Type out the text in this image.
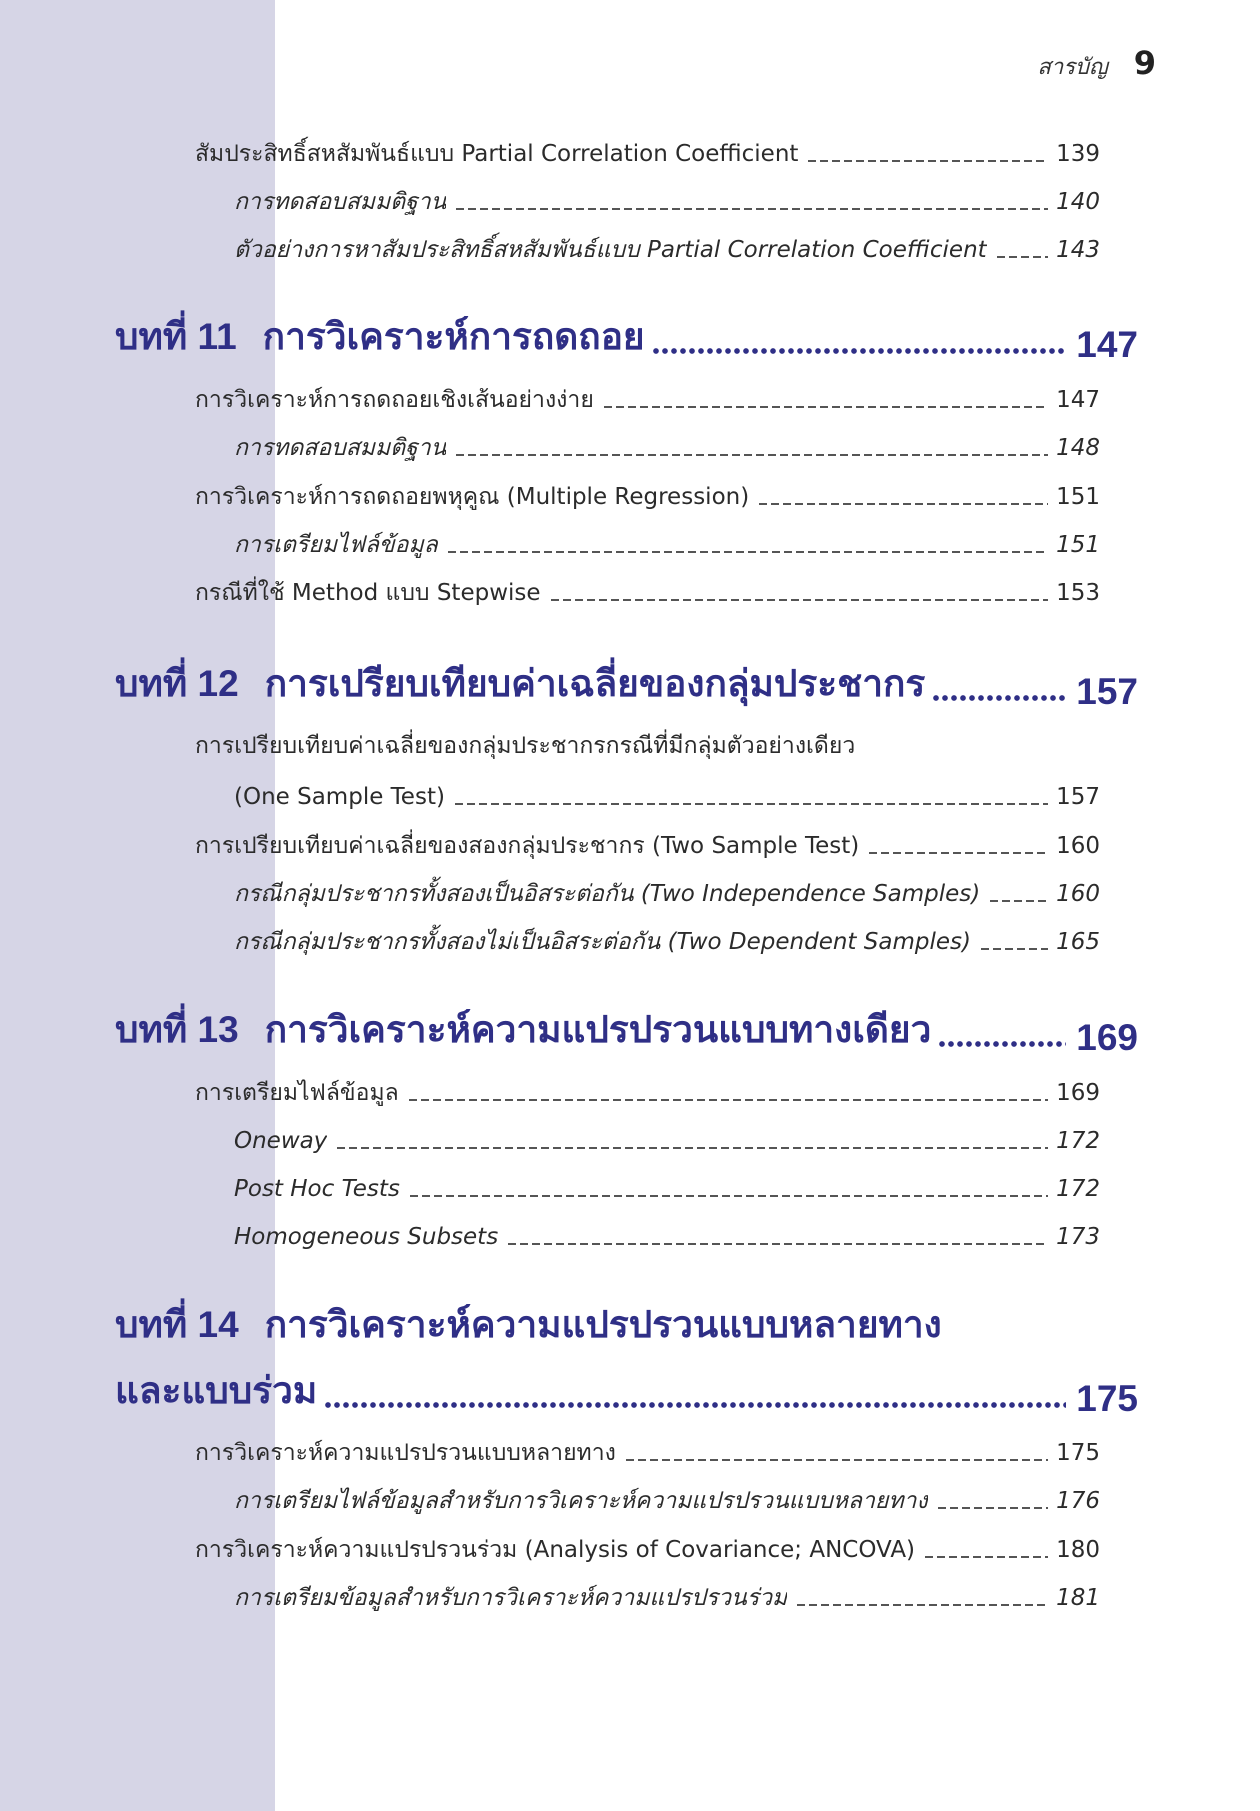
สารบัญ 9
สัมประสิทธิ์สหสัมพันธ์แบบ Partial Correlation Coefficient	139
การทดสอบสมมติฐาน	140
ตัวอย่างการหาสัมประสิทธิ์สหสัมพันธ์แบบ Partial Correlation Coefficient	143
บทที่ 11 การวิเคราะห์การถดถอย	147
การวิเคราะห์การถดถอยเชิงเส้นอย่างง่าย	147
การทดสอบสมมติฐาน	148
การวิเคราะห์การถดถอยพหุคูณ (Multiple Regression)	151
การเตรียมไฟล์ข้อมูล	151
กรณีที่ใช้ Method แบบ Stepwise	153
บทที่ 12 การเปรียบเทียบค่าเฉลี่ยของกลุ่มประชากร	157
การเปรียบเทียบค่าเฉลี่ยของกลุ่มประชากรกรณีที่มีกลุ่มตัวอย่างเดียว
(One Sample Test)	157
การเปรียบเทียบค่าเฉลี่ยของสองกลุ่มประชากร (Two Sample Test)	160
กรณีกลุ่มประชากรทั้งสองเป็นอิสระต่อกัน (Two Independence Samples)	160
กรณีกลุ่มประชากรทั้งสองไม่เป็นอิสระต่อกัน (Two Dependent Samples)	165
บทที่ 13 การวิเคราะห์ความแปรปรวนแบบทางเดียว	169
การเตรียมไฟล์ข้อมูล	169
Oneway	172
Post Hoc Tests	172
Homogeneous Subsets	173
บทที่ 14 การวิเคราะห์ความแปรปรวนแบบหลายทาง
และแบบร่วม	175
การวิเคราะห์ความแปรปรวนแบบหลายทาง	175
การเตรียมไฟล์ข้อมูลสำหรับการวิเคราะห์ความแปรปรวนแบบหลายทาง	176
การวิเคราะห์ความแปรปรวนร่วม (Analysis of Covariance; ANCOVA)	180
การเตรียมข้อมูลสำหรับการวิเคราะห์ความแปรปรวนร่วม	181
